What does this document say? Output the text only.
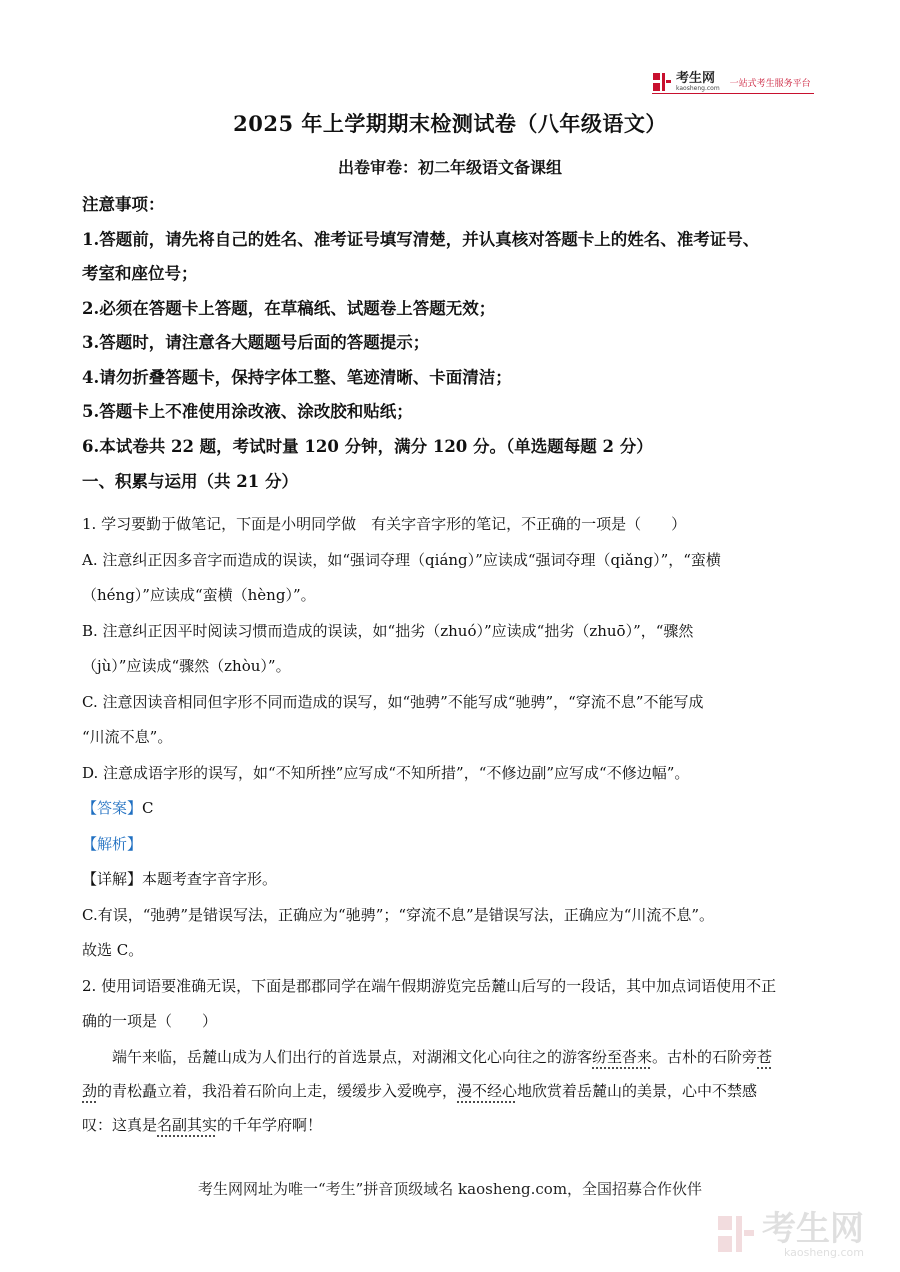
考生网
kaosheng.com 一站式考生服务平台
2025 年上学期期末检测试卷（八年级语文）
出卷审卷：初二年级语文备课组
注意事项：
1.答题前，请先将自己的姓名、准考证号填写清楚，并认真核对答题卡上的姓名、准考证号、
考室和座位号；
2.必须在答题卡上答题，在草稿纸、试题卷上答题无效；
3.答题时，请注意各大题题号后面的答题提示；
4.请勿折叠答题卡，保持字体工整、笔迹清晰、卡面清洁；
5.答题卡上不准使用涂改液、涂改胶和贴纸；
6.本试卷共 22 题，考试时量 120 分钟，满分 120 分。（单选题每题 2 分）
一、积累与运用（共 21 分）

1. 学习要勤于做笔记，下面是小明同学做　有关字音字形的笔记，不正确的一项是（　　）

A. 注意纠正因多音字而造成的误读，如“强词夺理（qiáng）”应读成“强词夺理（qiǎng）”，“蛮横

（héng）”应读成“蛮横（hèng）”。

B. 注意纠正因平时阅读习惯而造成的误读，如“拙劣（zhuó）”应读成“拙劣（zhuō）”，“骤然

（jù）”应读成“骤然（zhòu）”。

C. 注意因读音相同但字形不同而造成的误写，如“弛骋”不能写成“驰骋”，“穿流不息”不能写成

“川流不息”。

D. 注意成语字形的误写，如“不知所挫”应写成“不知所措”，“不修边副”应写成“不修边幅”。

【答案】C

【解析】

【详解】本题考查字音字形。

C.有误，“弛骋”是错误写法，正确应为“驰骋”；“穿流不息”是错误写法，正确应为“川流不息”。

故选 C。

2. 使用词语要准确无误，下面是郡郡同学在端午假期游览完岳麓山后写的一段话，其中加点词语使用不正

确的一项是（　　）

　　端午来临，岳麓山成为人们出行的首选景点，对湖湘文化心向往之的游客纷至沓来。古朴的石阶旁苍

劲的青松矗立着，我沿着石阶向上走，缓缓步入爱晚亭，漫不经心地欣赏着岳麓山的美景，心中不禁感

叹：这真是名副其实的千年学府啊！

考生网网址为唯一“考生”拼音顶级域名 kaosheng.com，全国招募合作伙伴
考生网
kaosheng.com
